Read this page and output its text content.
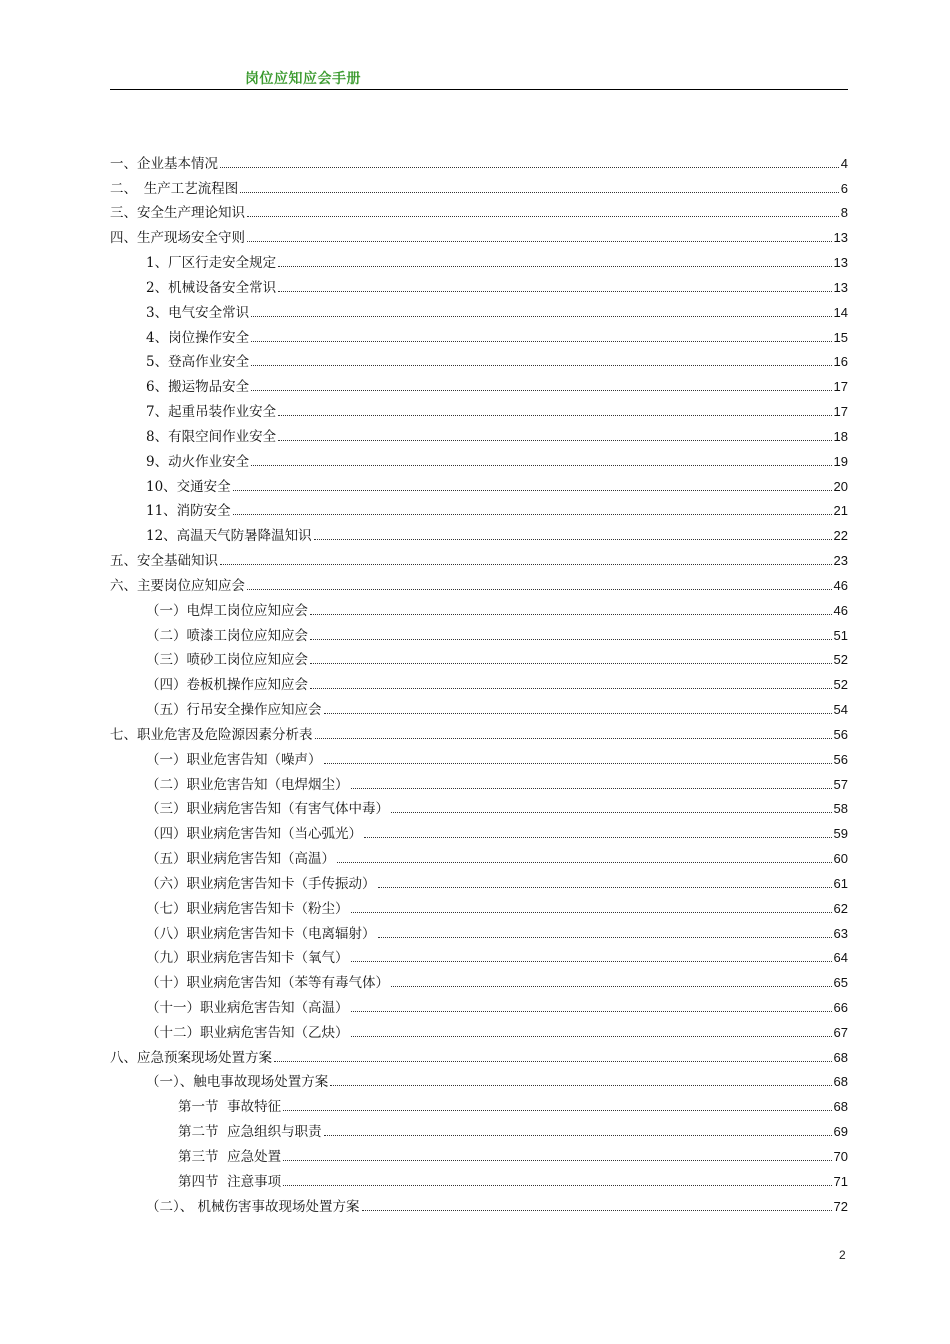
岗位应知应会手册
一、企业基本情况	4
二、　生产工艺流程图	6
三、安全生产理论知识	8
四、生产现场安全守则	13
1、厂区行走安全规定	13
2、机械设备安全常识	13
3、电气安全常识	14
4、岗位操作安全	15
5、登高作业安全	16
6、搬运物品安全	17
7、起重吊装作业安全	17
8、有限空间作业安全	18
9、动火作业安全	19
10、交通安全	20
11、消防安全	21
12、高温天气防暑降温知识	22
五、安全基础知识	23
六、主要岗位应知应会	46
（一）电焊工岗位应知应会	46
（二）喷漆工岗位应知应会	51
（三）喷砂工岗位应知应会	52
（四）卷板机操作应知应会	52
（五）行吊安全操作应知应会	54
七、职业危害及危险源因素分析表	56
（一）职业危害告知（噪声）	56
（二）职业危害告知（电焊烟尘）	57
（三）职业病危害告知（有害气体中毒）	58
（四）职业病危害告知（当心弧光）	59
（五）职业病危害告知（高温）	60
（六）职业病危害告知卡（手传振动）	61
（七）职业病危害告知卡（粉尘）	62
（八）职业病危害告知卡（电离辐射）	63
（九）职业病危害告知卡（氧气）	64
（十）职业病危害告知（苯等有毒气体）	65
（十一）职业病危害告知（高温）	66
（十二）职业病危害告知（乙炔）	67
八、应急预案现场处置方案	68
（一）、触电事故现场处置方案	68
第一节  事故特征	68
第二节  应急组织与职责	69
第三节  应急处置	70
第四节  注意事项	71
（二）、 机械伤害事故现场处置方案	72
2
